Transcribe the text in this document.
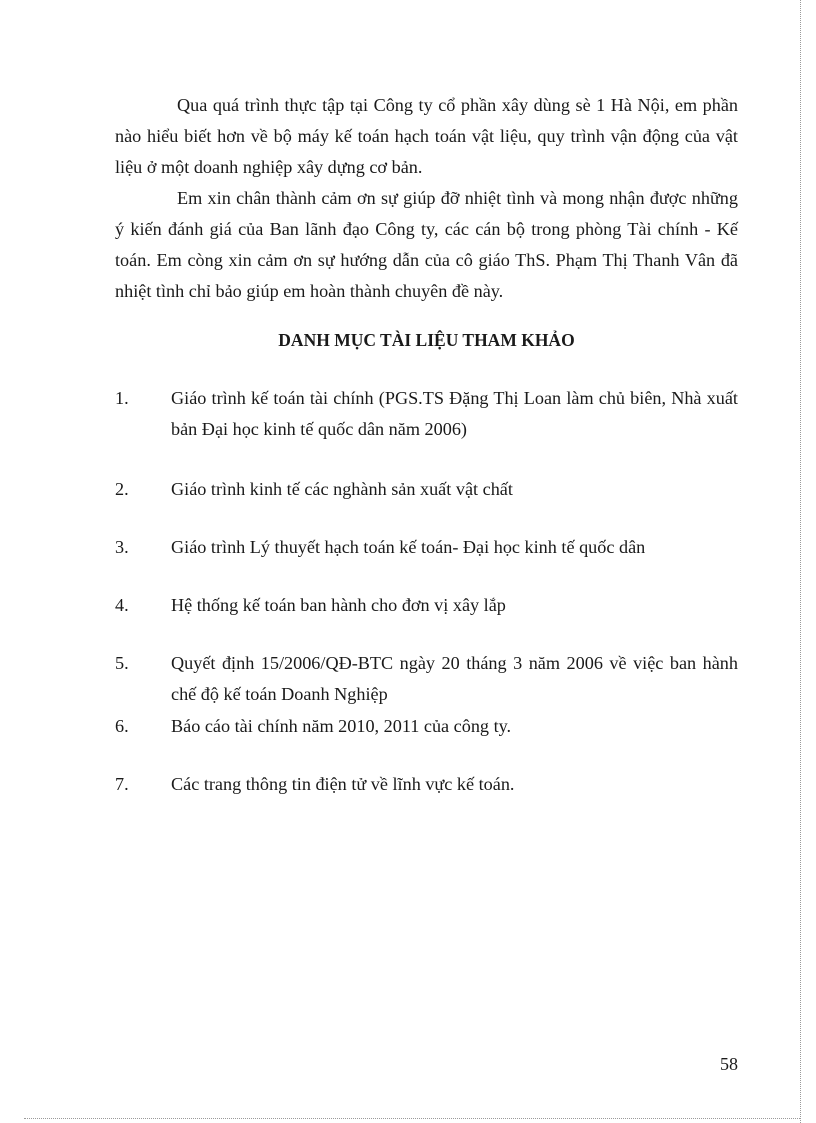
Qua quá trình thực tập tại Công ty cổ phần xây dùng sè 1 Hà Nội, em phần nào hiểu biết hơn về bộ máy kế toán hạch toán vật liệu, quy trình vận động của vật liệu ở một doanh nghiệp xây dựng cơ bản.

Em xin chân thành cảm ơn sự giúp đỡ nhiệt tình và mong nhận được những ý kiến đánh giá của Ban lãnh đạo Công ty, các cán bộ trong phòng Tài chính - Kế toán. Em còng xin cảm ơn sự hướng dẫn của cô giáo ThS. Phạm Thị Thanh Vân đã nhiệt tình chỉ bảo giúp em hoàn thành chuyên đề này.

DANH MỤC TÀI LIỆU THAM KHẢO
1.	Giáo trình kế toán tài chính (PGS.TS Đặng Thị Loan làm chủ biên, Nhà xuất bản Đại học kinh tế quốc dân năm 2006)
2.	Giáo trình kinh tế các nghành sản xuất vật chất
3.	Giáo trình Lý thuyết hạch toán kế toán- Đại học kinh tế quốc dân
4.	Hệ thống kế toán ban hành cho đơn vị xây lắp
5.	Quyết định 15/2006/QĐ-BTC ngày 20 tháng 3 năm 2006 về việc ban hành chế độ kế toán Doanh Nghiệp
6.	Báo cáo tài chính năm 2010, 2011 của công ty.
7.	Các trang thông tin điện tử về lĩnh vực kế toán.
58
